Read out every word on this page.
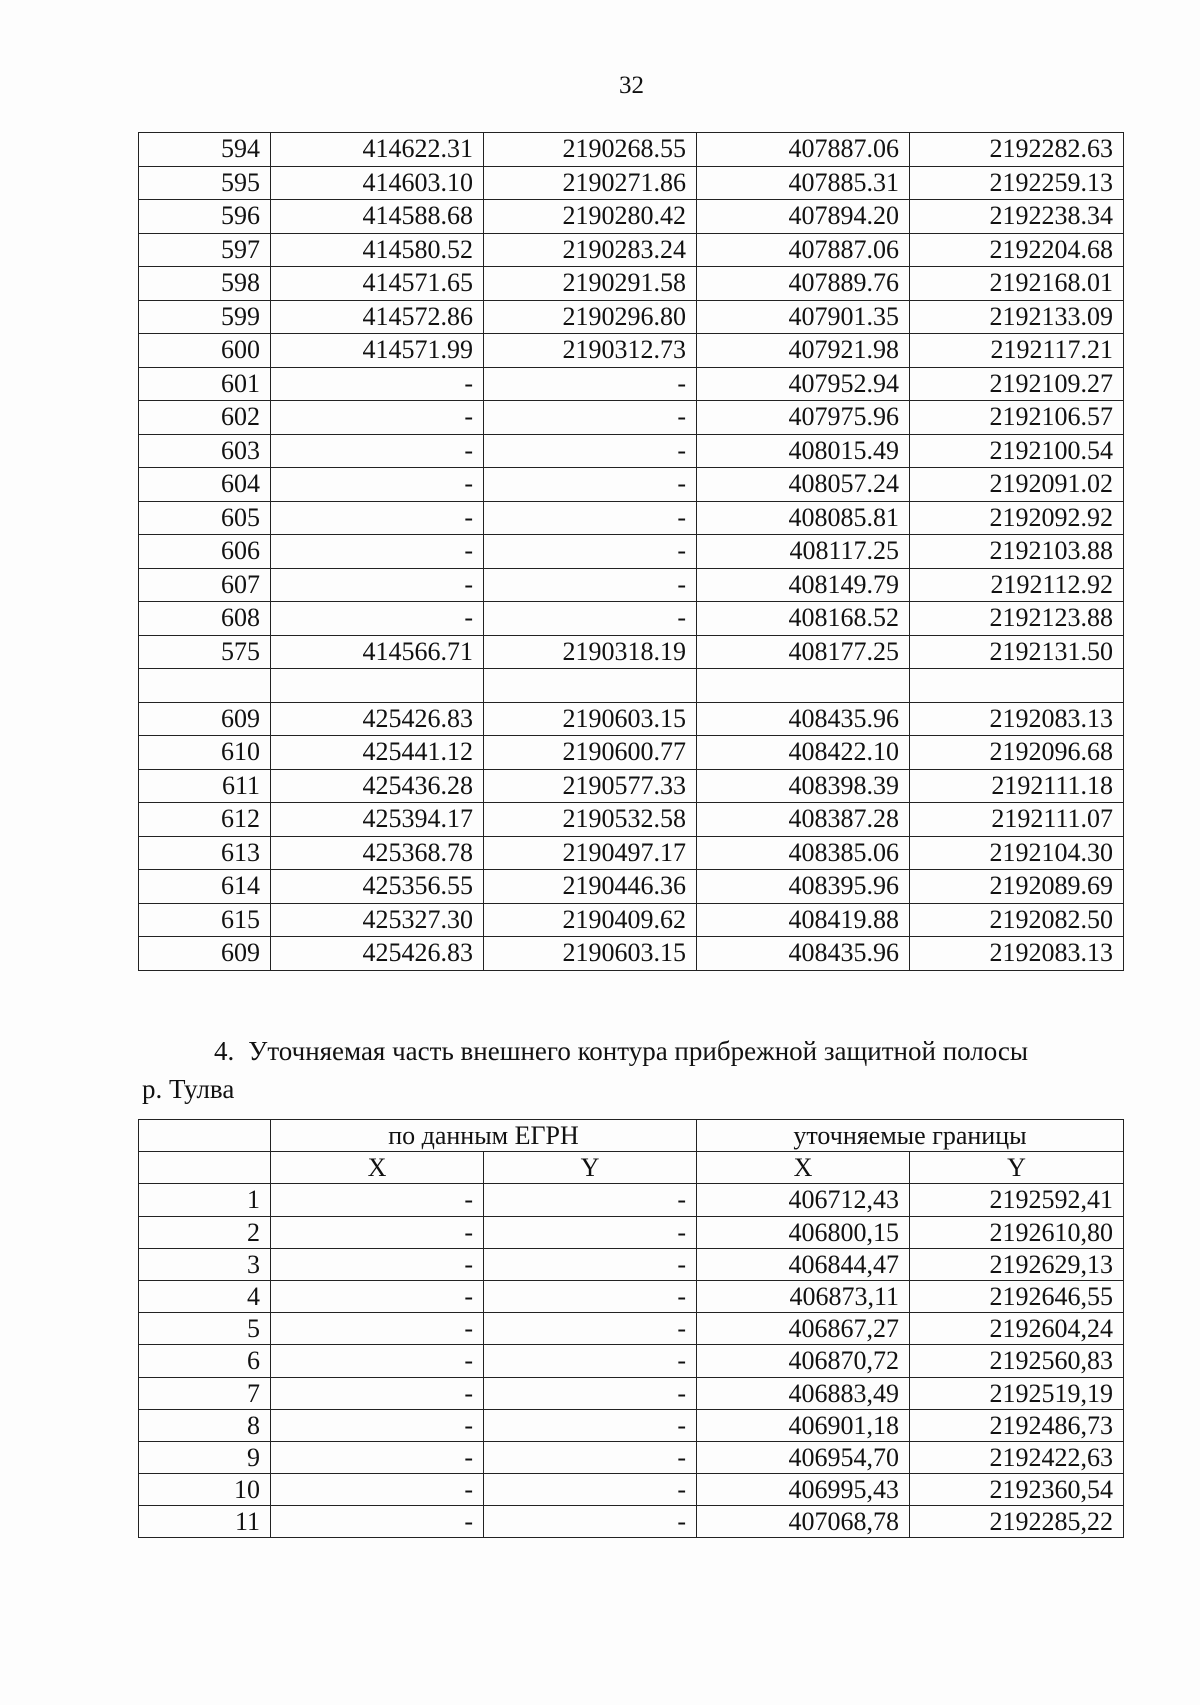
32
594	414622.31	2190268.55	407887.06	2192282.63
595	414603.10	2190271.86	407885.31	2192259.13
596	414588.68	2190280.42	407894.20	2192238.34
597	414580.52	2190283.24	407887.06	2192204.68
598	414571.65	2190291.58	407889.76	2192168.01
599	414572.86	2190296.80	407901.35	2192133.09
600	414571.99	2190312.73	407921.98	2192117.21
601	-	-	407952.94	2192109.27
602	-	-	407975.96	2192106.57
603	-	-	408015.49	2192100.54
604	-	-	408057.24	2192091.02
605	-	-	408085.81	2192092.92
606	-	-	408117.25	2192103.88
607	-	-	408149.79	2192112.92
608	-	-	408168.52	2192123.88
575	414566.71	2190318.19	408177.25	2192131.50

609	425426.83	2190603.15	408435.96	2192083.13
610	425441.12	2190600.77	408422.10	2192096.68
611	425436.28	2190577.33	408398.39	2192111.18
612	425394.17	2190532.58	408387.28	2192111.07
613	425368.78	2190497.17	408385.06	2192104.30
614	425356.55	2190446.36	408395.96	2192089.69
615	425327.30	2190409.62	408419.88	2192082.50
609	425426.83	2190603.15	408435.96	2192083.13
4. Уточняемая часть внешнего контура прибрежной защитной полосы
р. Тулва
	по данным ЕГРН		уточняемые границы	
	X	Y	X	Y
1	-	-	406712,43	2192592,41
2	-	-	406800,15	2192610,80
3	-	-	406844,47	2192629,13
4	-	-	406873,11	2192646,55
5	-	-	406867,27	2192604,24
6	-	-	406870,72	2192560,83
7	-	-	406883,49	2192519,19
8	-	-	406901,18	2192486,73
9	-	-	406954,70	2192422,63
10	-	-	406995,43	2192360,54
11	-	-	407068,78	2192285,22
